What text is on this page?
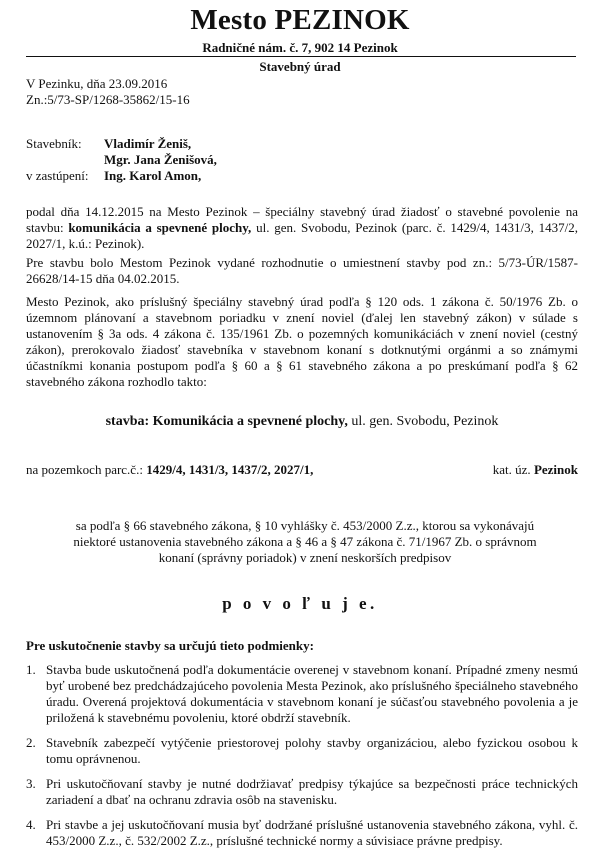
Mesto PEZINOK
Radničné nám. č. 7, 902 14 Pezinok
Stavebný úrad

V Pezinku, dňa 23.09.2016

Zn.:5/73-SP/1268-35862/15-16

Stavebník: Vladimír Ženiš,
Mgr. Jana Ženišová,
v zastúpení: Ing. Karol Amon,

podal dňa 14.12.2015 na Mesto Pezinok – špeciálny stavebný úrad žiadosť o stavebné povolenie na stavbu: komunikácia a spevnené plochy, ul. gen. Svobodu, Pezinok (parc. č. 1429/4, 1431/3, 1437/2, 2027/1, k.ú.: Pezinok).

Pre stavbu bolo Mestom Pezinok vydané rozhodnutie o umiestnení stavby pod zn.: 5/73-ÚR/1587-26628/14-15 dňa 04.02.2015.

Mesto Pezinok, ako príslušný špeciálny stavebný úrad podľa § 120 ods. 1 zákona č. 50/1976 Zb. o územnom plánovaní a stavebnom poriadku v znení noviel (ďalej len stavebný zákon) v súlade s ustanovením § 3a ods. 4 zákona č. 135/1961 Zb. o pozemných komunikáciách v znení noviel (cestný zákon), prerokovalo žiadosť stavebníka v stavebnom konaní s dotknutými orgánmi a so známymi účastníkmi konania postupom podľa § 60 a § 61 stavebného zákona a po preskúmaní podľa § 62 stavebného zákona rozhodlo takto:

stavba: Komunikácia a spevnené plochy, ul. gen. Svobodu, Pezinok
na pozemkoch parc.č.: 1429/4, 1431/3, 1437/2, 2027/1,	kat. úz. Pezinok

sa podľa § 66 stavebného zákona, § 10 vyhlášky č. 453/2000 Z.z., ktorou sa vykonávajú niektoré ustanovenia stavebného zákona a § 46 a § 47 zákona č. 71/1967 Zb. o správnom konaní (správny poriadok) v znení neskorších predpisov

p o v o ľ u j e.

Pre uskutočnenie stavby sa určujú tieto podmienky:

1. Stavba bude uskutočnená podľa dokumentácie overenej v stavebnom konaní. Prípadné zmeny nesmú byť urobené bez predchádzajúceho povolenia Mesta Pezinok, ako príslušného špeciálneho stavebného úradu. Overená projektová dokumentácia v stavebnom konaní je súčasťou stavebného povolenia a je priložená k stavebnému povoleniu, ktoré obdrží stavebník.
2. Stavebník zabezpečí vytýčenie priestorovej polohy stavby organizáciou, alebo fyzickou osobou k tomu oprávnenou.
3. Pri uskutočňovaní stavby je nutné dodržiavať predpisy týkajúce sa bezpečnosti práce technických zariadení a dbať na ochranu zdravia osôb na stavenisku.
4. Pri stavbe a jej uskutočňovaní musia byť dodržané príslušné ustanovenia stavebného zákona, vyhl. č. 453/2000 Z.z., č. 532/2002 Z.z., príslušné technické normy a súvisiace právne predpisy.
